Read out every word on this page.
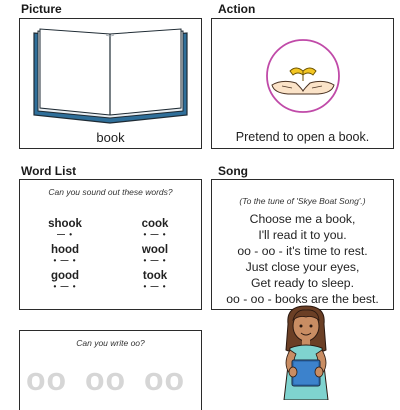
Picture	Action
Word List	Song
book	Pretend to open a book.
Can you sound out these words?
shook
— •
cook
• — •
hood
• — •
wool
• — •
good
• — •
took
• — •
(To the tune of 'Skye Boat Song'.)
Choose me a book,
I'll read it to you.
oo - oo - it's time to rest.
Just close your eyes,
Get ready to sleep.
oo - oo - books are the best.
Can you write oo?
oo oo oo
